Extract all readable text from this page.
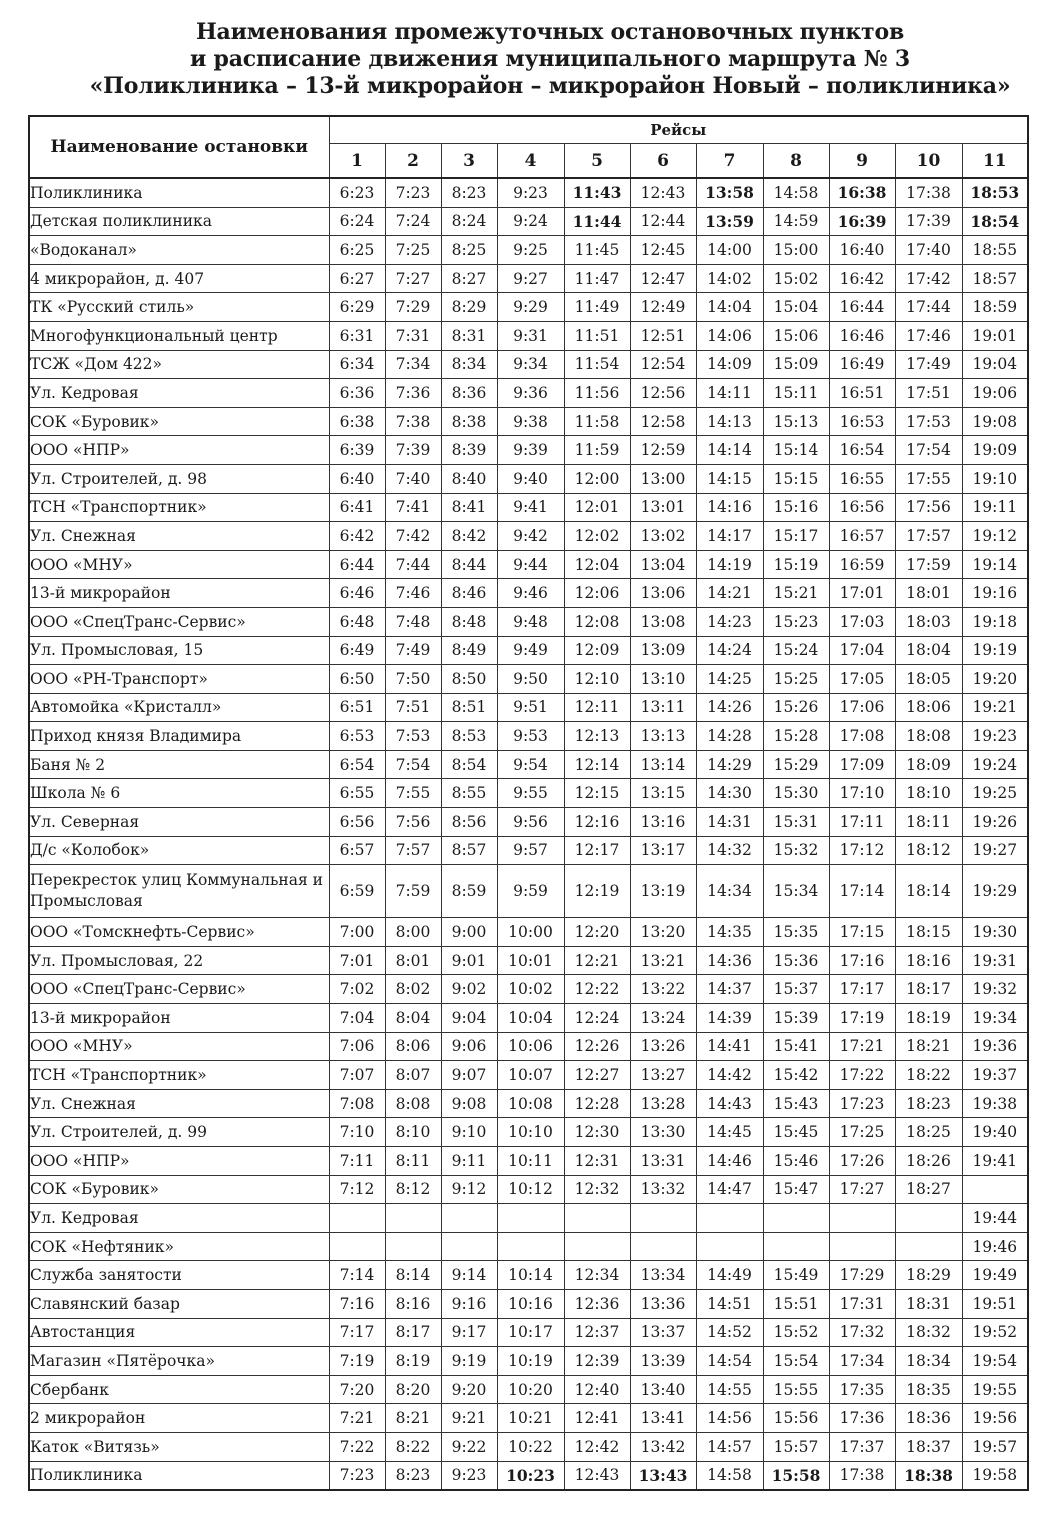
Наименования промежуточных остановочных пунктов
и расписание движения муниципального маршрута № 3
«Поликлиника – 13-й микрорайон – микрорайон Новый – поликлиника»
Наименование остановки	Рейсы										
	1	2	3	4	5	6	7	8	9	10	11
Поликлиника	6:23	7:23	8:23	9:23	11:43	12:43	13:58	14:58	16:38	17:38	18:53
Детская поликлиника	6:24	7:24	8:24	9:24	11:44	12:44	13:59	14:59	16:39	17:39	18:54
«Водоканал»	6:25	7:25	8:25	9:25	11:45	12:45	14:00	15:00	16:40	17:40	18:55
4 микрорайон, д. 407	6:27	7:27	8:27	9:27	11:47	12:47	14:02	15:02	16:42	17:42	18:57
ТК «Русский стиль»	6:29	7:29	8:29	9:29	11:49	12:49	14:04	15:04	16:44	17:44	18:59
Многофункциональный центр	6:31	7:31	8:31	9:31	11:51	12:51	14:06	15:06	16:46	17:46	19:01
ТСЖ «Дом 422»	6:34	7:34	8:34	9:34	11:54	12:54	14:09	15:09	16:49	17:49	19:04
Ул. Кедровая	6:36	7:36	8:36	9:36	11:56	12:56	14:11	15:11	16:51	17:51	19:06
СОК «Буровик»	6:38	7:38	8:38	9:38	11:58	12:58	14:13	15:13	16:53	17:53	19:08
ООО «НПР»	6:39	7:39	8:39	9:39	11:59	12:59	14:14	15:14	16:54	17:54	19:09
Ул. Строителей, д. 98	6:40	7:40	8:40	9:40	12:00	13:00	14:15	15:15	16:55	17:55	19:10
ТСН «Транспортник»	6:41	7:41	8:41	9:41	12:01	13:01	14:16	15:16	16:56	17:56	19:11
Ул. Снежная	6:42	7:42	8:42	9:42	12:02	13:02	14:17	15:17	16:57	17:57	19:12
ООО «МНУ»	6:44	7:44	8:44	9:44	12:04	13:04	14:19	15:19	16:59	17:59	19:14
13-й микрорайон	6:46	7:46	8:46	9:46	12:06	13:06	14:21	15:21	17:01	18:01	19:16
ООО «СпецТранс-Сервис»	6:48	7:48	8:48	9:48	12:08	13:08	14:23	15:23	17:03	18:03	19:18
Ул. Промысловая, 15	6:49	7:49	8:49	9:49	12:09	13:09	14:24	15:24	17:04	18:04	19:19
ООО «РН-Транспорт»	6:50	7:50	8:50	9:50	12:10	13:10	14:25	15:25	17:05	18:05	19:20
Автомойка «Кристалл»	6:51	7:51	8:51	9:51	12:11	13:11	14:26	15:26	17:06	18:06	19:21
Приход князя Владимира	6:53	7:53	8:53	9:53	12:13	13:13	14:28	15:28	17:08	18:08	19:23
Баня № 2	6:54	7:54	8:54	9:54	12:14	13:14	14:29	15:29	17:09	18:09	19:24
Школа № 6	6:55	7:55	8:55	9:55	12:15	13:15	14:30	15:30	17:10	18:10	19:25
Ул. Северная	6:56	7:56	8:56	9:56	12:16	13:16	14:31	15:31	17:11	18:11	19:26
Д/с «Колобок»	6:57	7:57	8:57	9:57	12:17	13:17	14:32	15:32	17:12	18:12	19:27
Перекресток улиц Коммунальная и Промысловая	6:59	7:59	8:59	9:59	12:19	13:19	14:34	15:34	17:14	18:14	19:29
ООО «Томскнефть-Сервис»	7:00	8:00	9:00	10:00	12:20	13:20	14:35	15:35	17:15	18:15	19:30
Ул. Промысловая, 22	7:01	8:01	9:01	10:01	12:21	13:21	14:36	15:36	17:16	18:16	19:31
ООО «СпецТранс-Сервис»	7:02	8:02	9:02	10:02	12:22	13:22	14:37	15:37	17:17	18:17	19:32
13-й микрорайон	7:04	8:04	9:04	10:04	12:24	13:24	14:39	15:39	17:19	18:19	19:34
ООО «МНУ»	7:06	8:06	9:06	10:06	12:26	13:26	14:41	15:41	17:21	18:21	19:36
ТСН «Транспортник»	7:07	8:07	9:07	10:07	12:27	13:27	14:42	15:42	17:22	18:22	19:37
Ул. Снежная	7:08	8:08	9:08	10:08	12:28	13:28	14:43	15:43	17:23	18:23	19:38
Ул. Строителей, д. 99	7:10	8:10	9:10	10:10	12:30	13:30	14:45	15:45	17:25	18:25	19:40
ООО «НПР»	7:11	8:11	9:11	10:11	12:31	13:31	14:46	15:46	17:26	18:26	19:41
СОК «Буровик»	7:12	8:12	9:12	10:12	12:32	13:32	14:47	15:47	17:27	18:27	
Ул. Кедровая											19:44
СОК «Нефтяник»											19:46
Служба занятости	7:14	8:14	9:14	10:14	12:34	13:34	14:49	15:49	17:29	18:29	19:49
Славянский базар	7:16	8:16	9:16	10:16	12:36	13:36	14:51	15:51	17:31	18:31	19:51
Автостанция	7:17	8:17	9:17	10:17	12:37	13:37	14:52	15:52	17:32	18:32	19:52
Магазин «Пятёрочка»	7:19	8:19	9:19	10:19	12:39	13:39	14:54	15:54	17:34	18:34	19:54
Сбербанк	7:20	8:20	9:20	10:20	12:40	13:40	14:55	15:55	17:35	18:35	19:55
2 микрорайон	7:21	8:21	9:21	10:21	12:41	13:41	14:56	15:56	17:36	18:36	19:56
Каток «Витязь»	7:22	8:22	9:22	10:22	12:42	13:42	14:57	15:57	17:37	18:37	19:57
Поликлиника	7:23	8:23	9:23	10:23	12:43	13:43	14:58	15:58	17:38	18:38	19:58
